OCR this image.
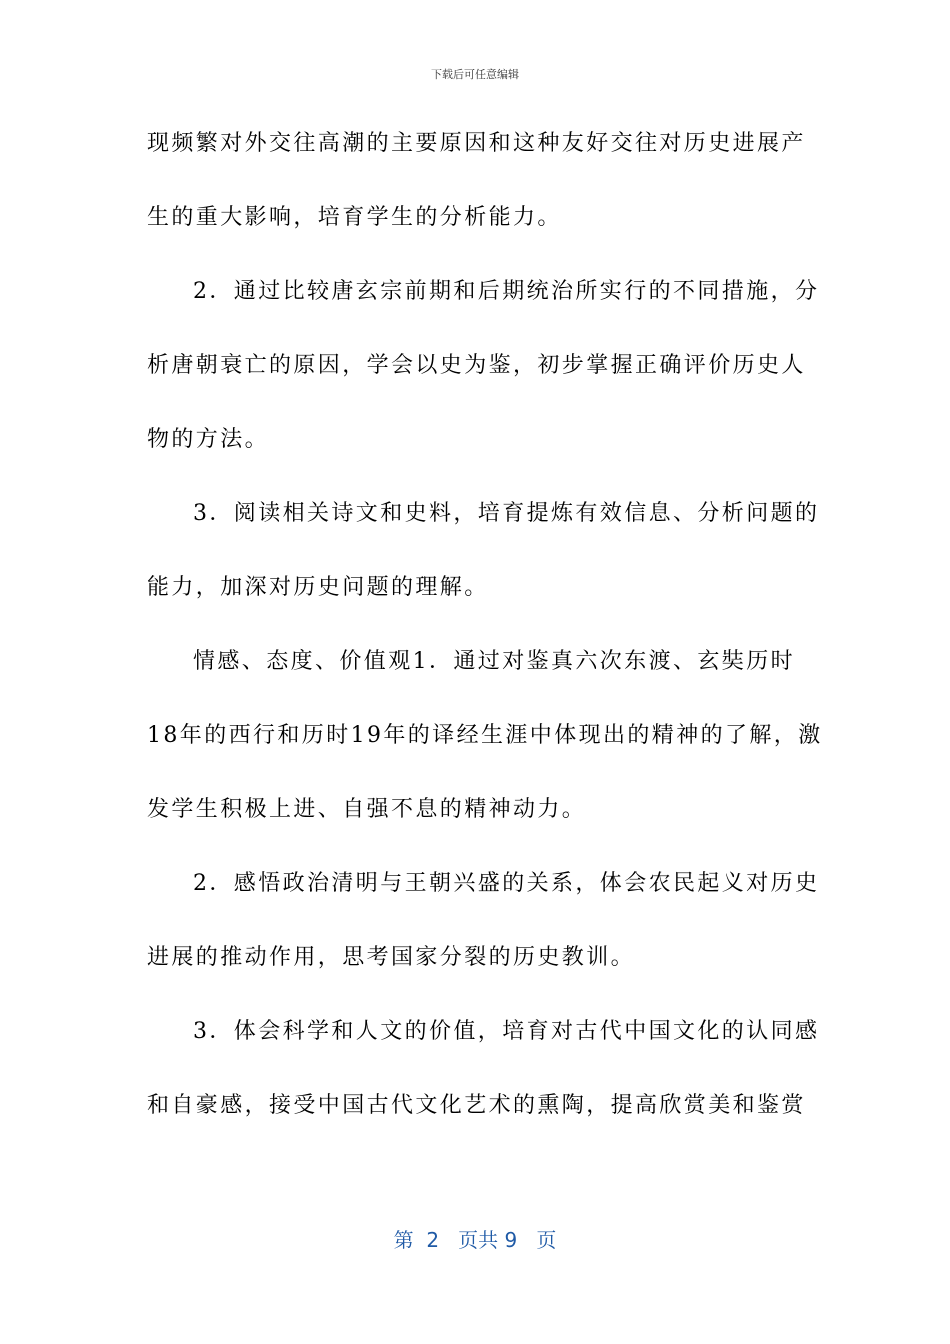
下载后可任意编辑
现频繁对外交往高潮的主要原因和这种友好交往对历史进展产
生的重大影响，培育学生的分析能力。
2．通过比较唐玄宗前期和后期统治所实行的不同措施，分
析唐朝衰亡的原因，学会以史为鉴，初步掌握正确评价历史人
物的方法。
3．阅读相关诗文和史料，培育提炼有效信息、分析问题的
能力，加深对历史问题的理解。
情感、态度、价值观1．通过对鉴真六次东渡、玄奘历时
18年的西行和历时19年的译经生涯中体现出的精神的了解，激
发学生积极上进、自强不息的精神动力。
2．感悟政治清明与王朝兴盛的关系，体会农民起义对历史
进展的推动作用，思考国家分裂的历史教训。
3．体会科学和人文的价值，培育对古代中国文化的认同感
和自豪感，接受中国古代文化艺术的熏陶，提高欣赏美和鉴赏
第  2   页共 9   页
